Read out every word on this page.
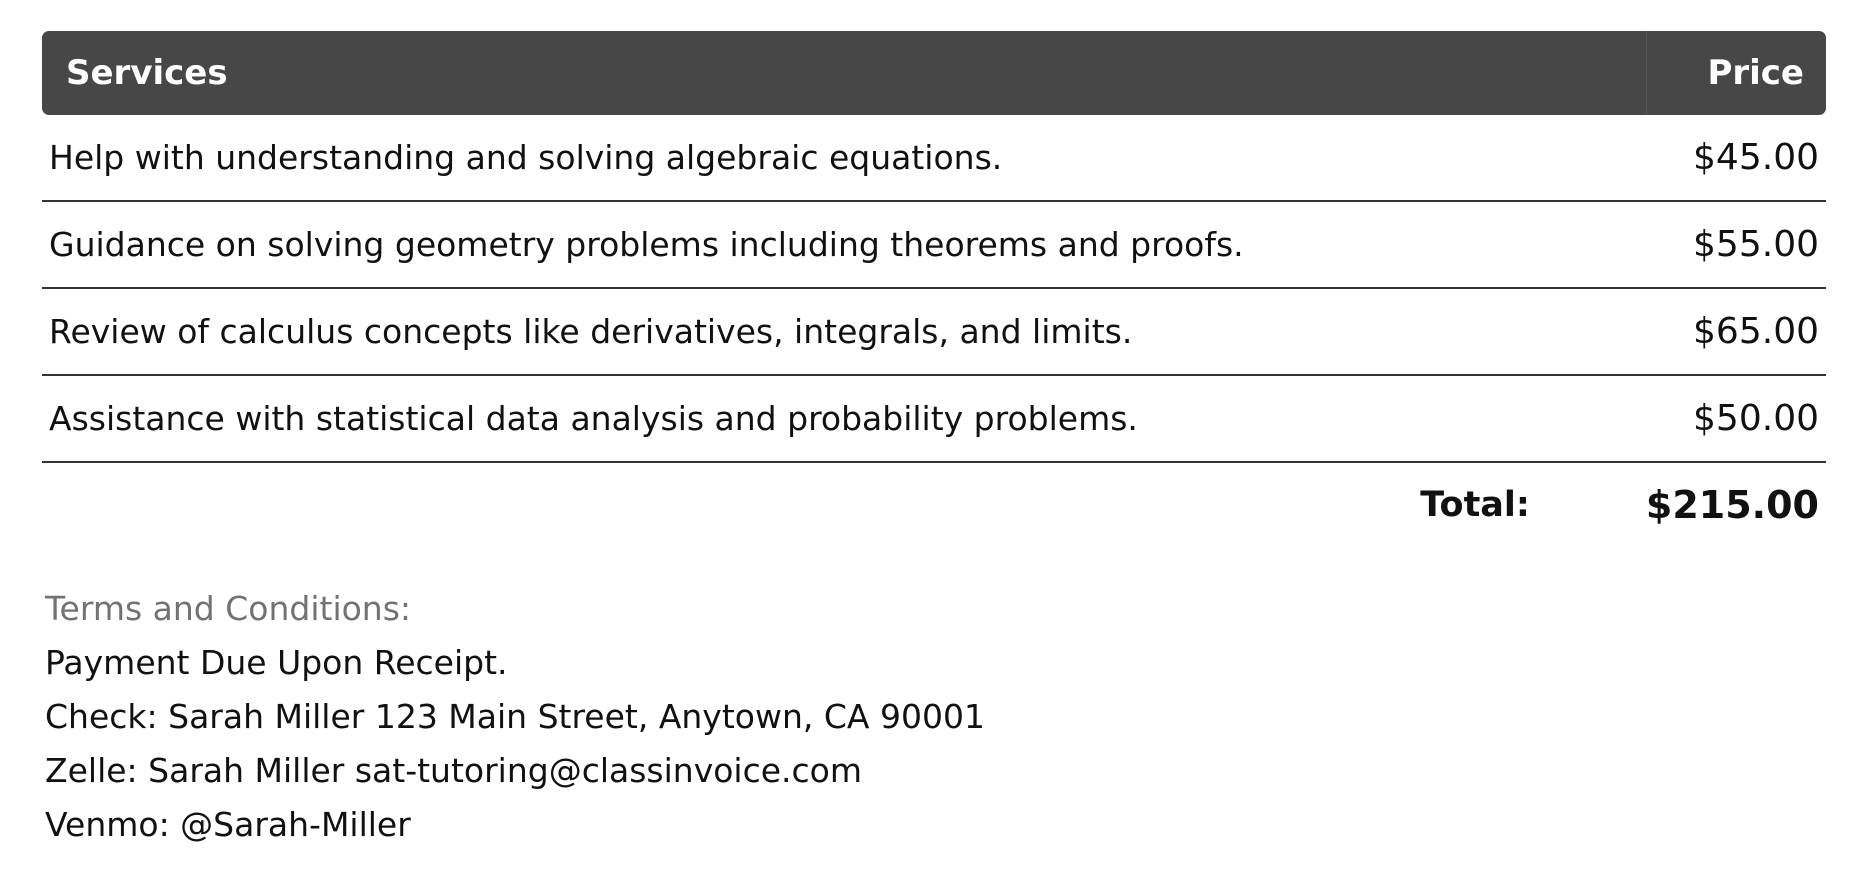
Services	Price
Help with understanding and solving algebraic equations.	$45.00
Guidance on solving geometry problems including theorems and proofs.	$55.00
Review of calculus concepts like derivatives, integrals, and limits.	$65.00
Assistance with statistical data analysis and probability problems.	$50.00
Total:	$215.00
Terms and Conditions:
Payment Due Upon Receipt.
Check: Sarah Miller 123 Main Street, Anytown, CA 90001
Zelle: Sarah Miller sat-tutoring@classinvoice.com
Venmo: @Sarah-Miller
